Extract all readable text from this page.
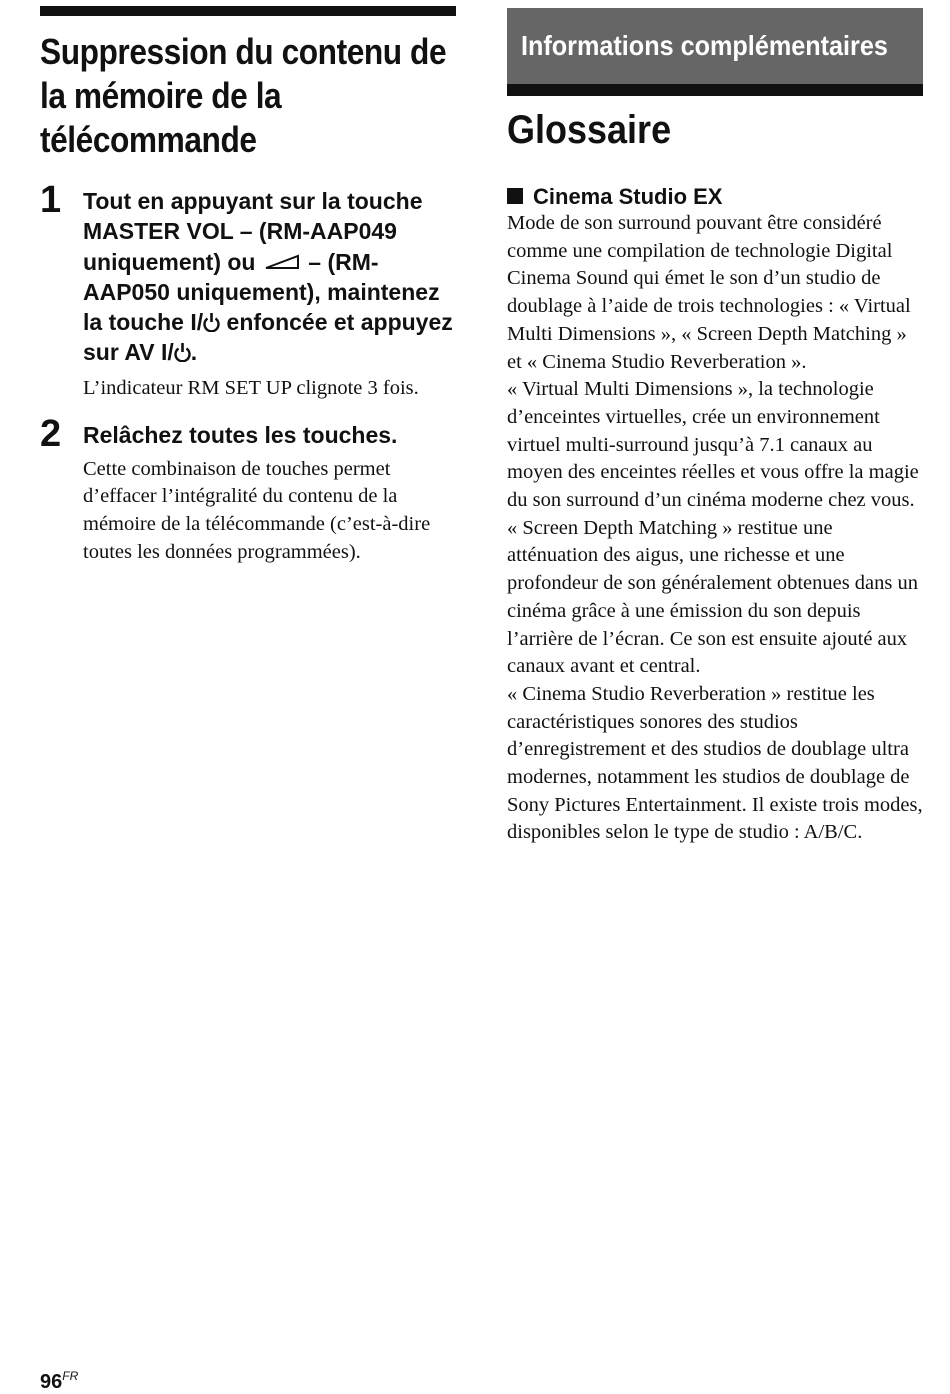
Suppression du contenu de la mémoire de la télécommande
1 Tout en appuyant sur la touche MASTER VOL – (RM-AAP049 uniquement) ou – (RM-AAP050 uniquement), maintenez la touche I/ enfoncée et appuyez sur AV I/ .

L’indicateur RM SET UP clignote 3 fois.
2 Relâchez toutes les touches.

Cette combinaison de touches permet d’effacer l’intégralité du contenu de la mémoire de la télécommande (c’est-à-dire toutes les données programmées).
Informations complémentaires
Glossaire
Cinema Studio EX

Mode de son surround pouvant être considéré comme une compilation de technologie Digital Cinema Sound qui émet le son d’un studio de doublage à l’aide de trois technologies : « Virtual Multi Dimensions », « Screen Depth Matching » et « Cinema Studio Reverberation ».

« Virtual Multi Dimensions », la technologie d’enceintes virtuelles, crée un environnement virtuel multi-surround jusqu’à 7.1 canaux au moyen des enceintes réelles et vous offre la magie du son surround d’un cinéma moderne chez vous.

« Screen Depth Matching » restitue une atténuation des aigus, une richesse et une profondeur de son généralement obtenues dans un cinéma grâce à une émission du son depuis l’arrière de l’écran. Ce son est ensuite ajouté aux canaux avant et central.

« Cinema Studio Reverberation » restitue les caractéristiques sonores des studios d’enregistrement et des studios de doublage ultra modernes, notamment les studios de doublage de Sony Pictures Entertainment. Il existe trois modes, disponibles selon le type de studio : A/B/C.

$96^{FR}$
